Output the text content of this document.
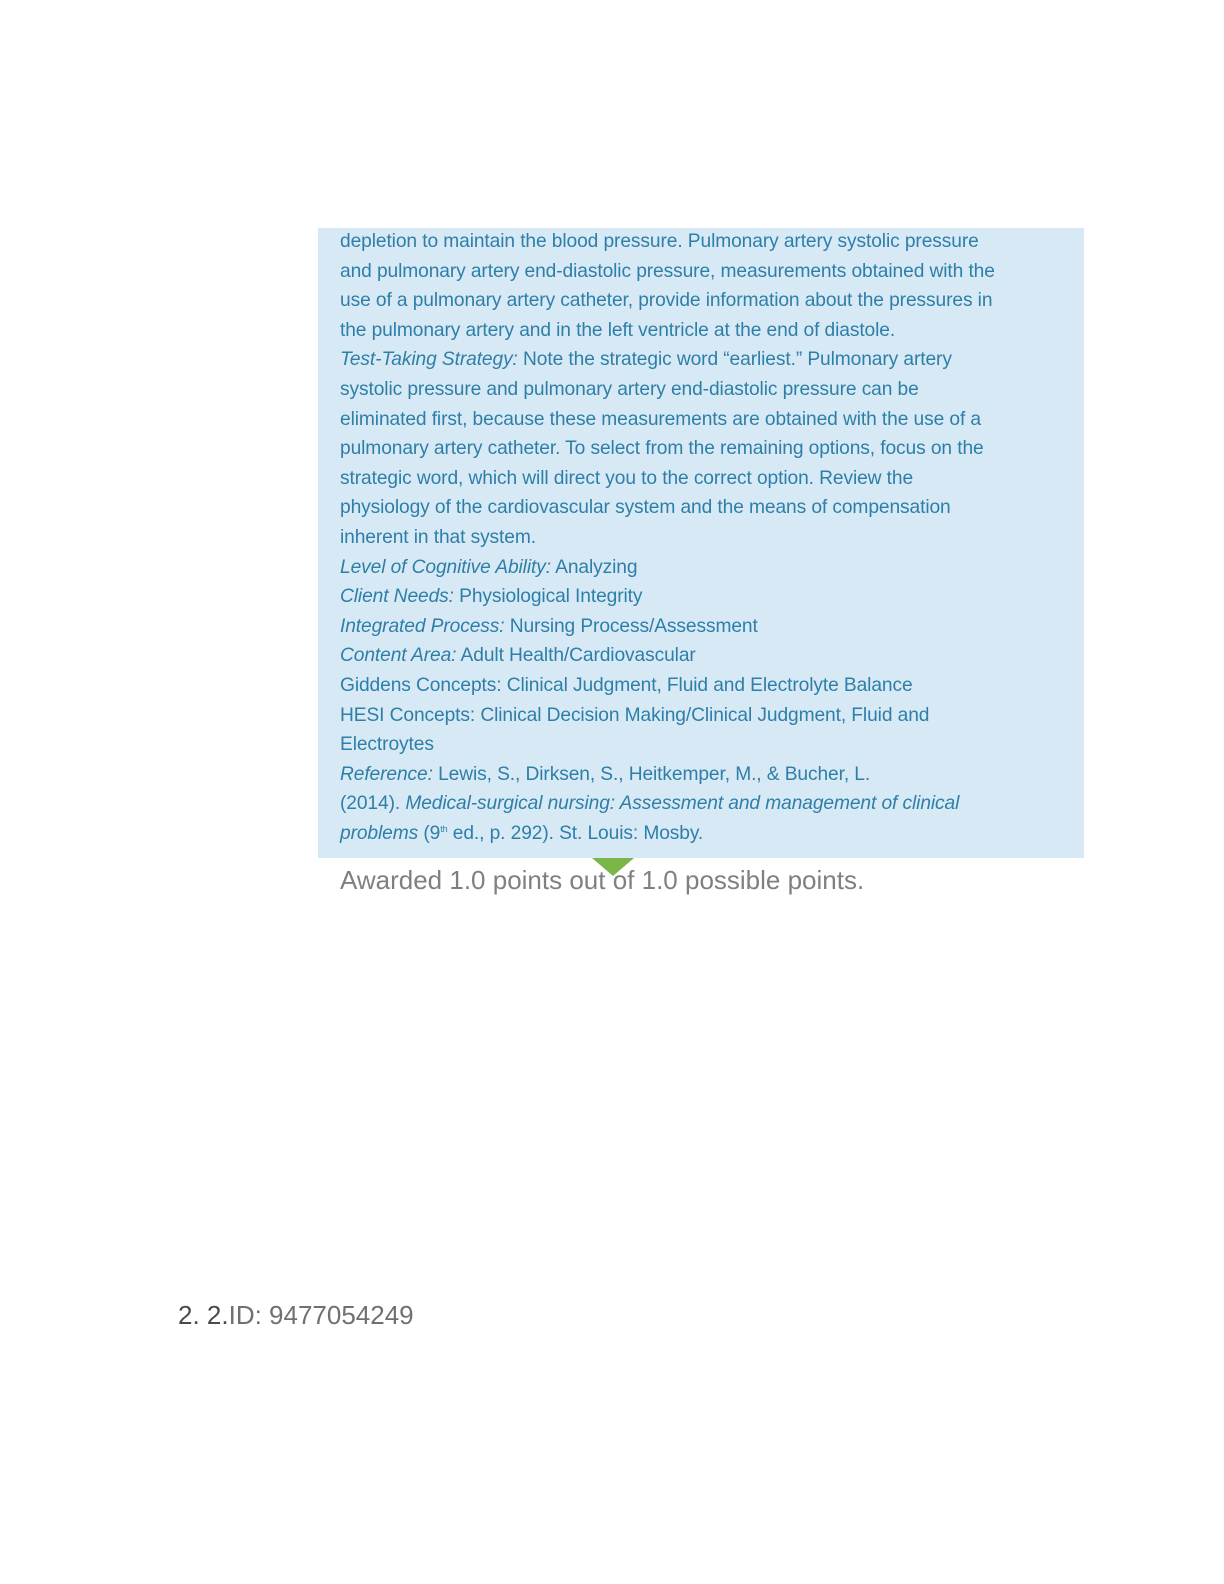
depletion to maintain the blood pressure. Pulmonary artery systolic pressure
and pulmonary artery end-diastolic pressure, measurements obtained with the
use of a pulmonary artery catheter, provide information about the pressures in
the pulmonary artery and in the left ventricle at the end of diastole.
Test-Taking Strategy: Note the strategic word “earliest.” Pulmonary artery
systolic pressure and pulmonary artery end-diastolic pressure can be
eliminated first, because these measurements are obtained with the use of a
pulmonary artery catheter. To select from the remaining options, focus on the
strategic word, which will direct you to the correct option. Review the
physiology of the cardiovascular system and the means of compensation
inherent in that system.
Level of Cognitive Ability: Analyzing
Client Needs: Physiological Integrity
Integrated Process: Nursing Process/Assessment
Content Area: Adult Health/Cardiovascular
Giddens Concepts: Clinical Judgment, Fluid and Electrolyte Balance
HESI Concepts: Clinical Decision Making/Clinical Judgment, Fluid and
Electroytes
Reference: Lewis, S., Dirksen, S., Heitkemper, M., & Bucher, L.
(2014). Medical-surgical nursing: Assessment and management of clinical
problems (9th ed., p. 292). St. Louis: Mosby.
Awarded 1.0 points out of 1.0 possible points.
2. 2.ID: 9477054249
